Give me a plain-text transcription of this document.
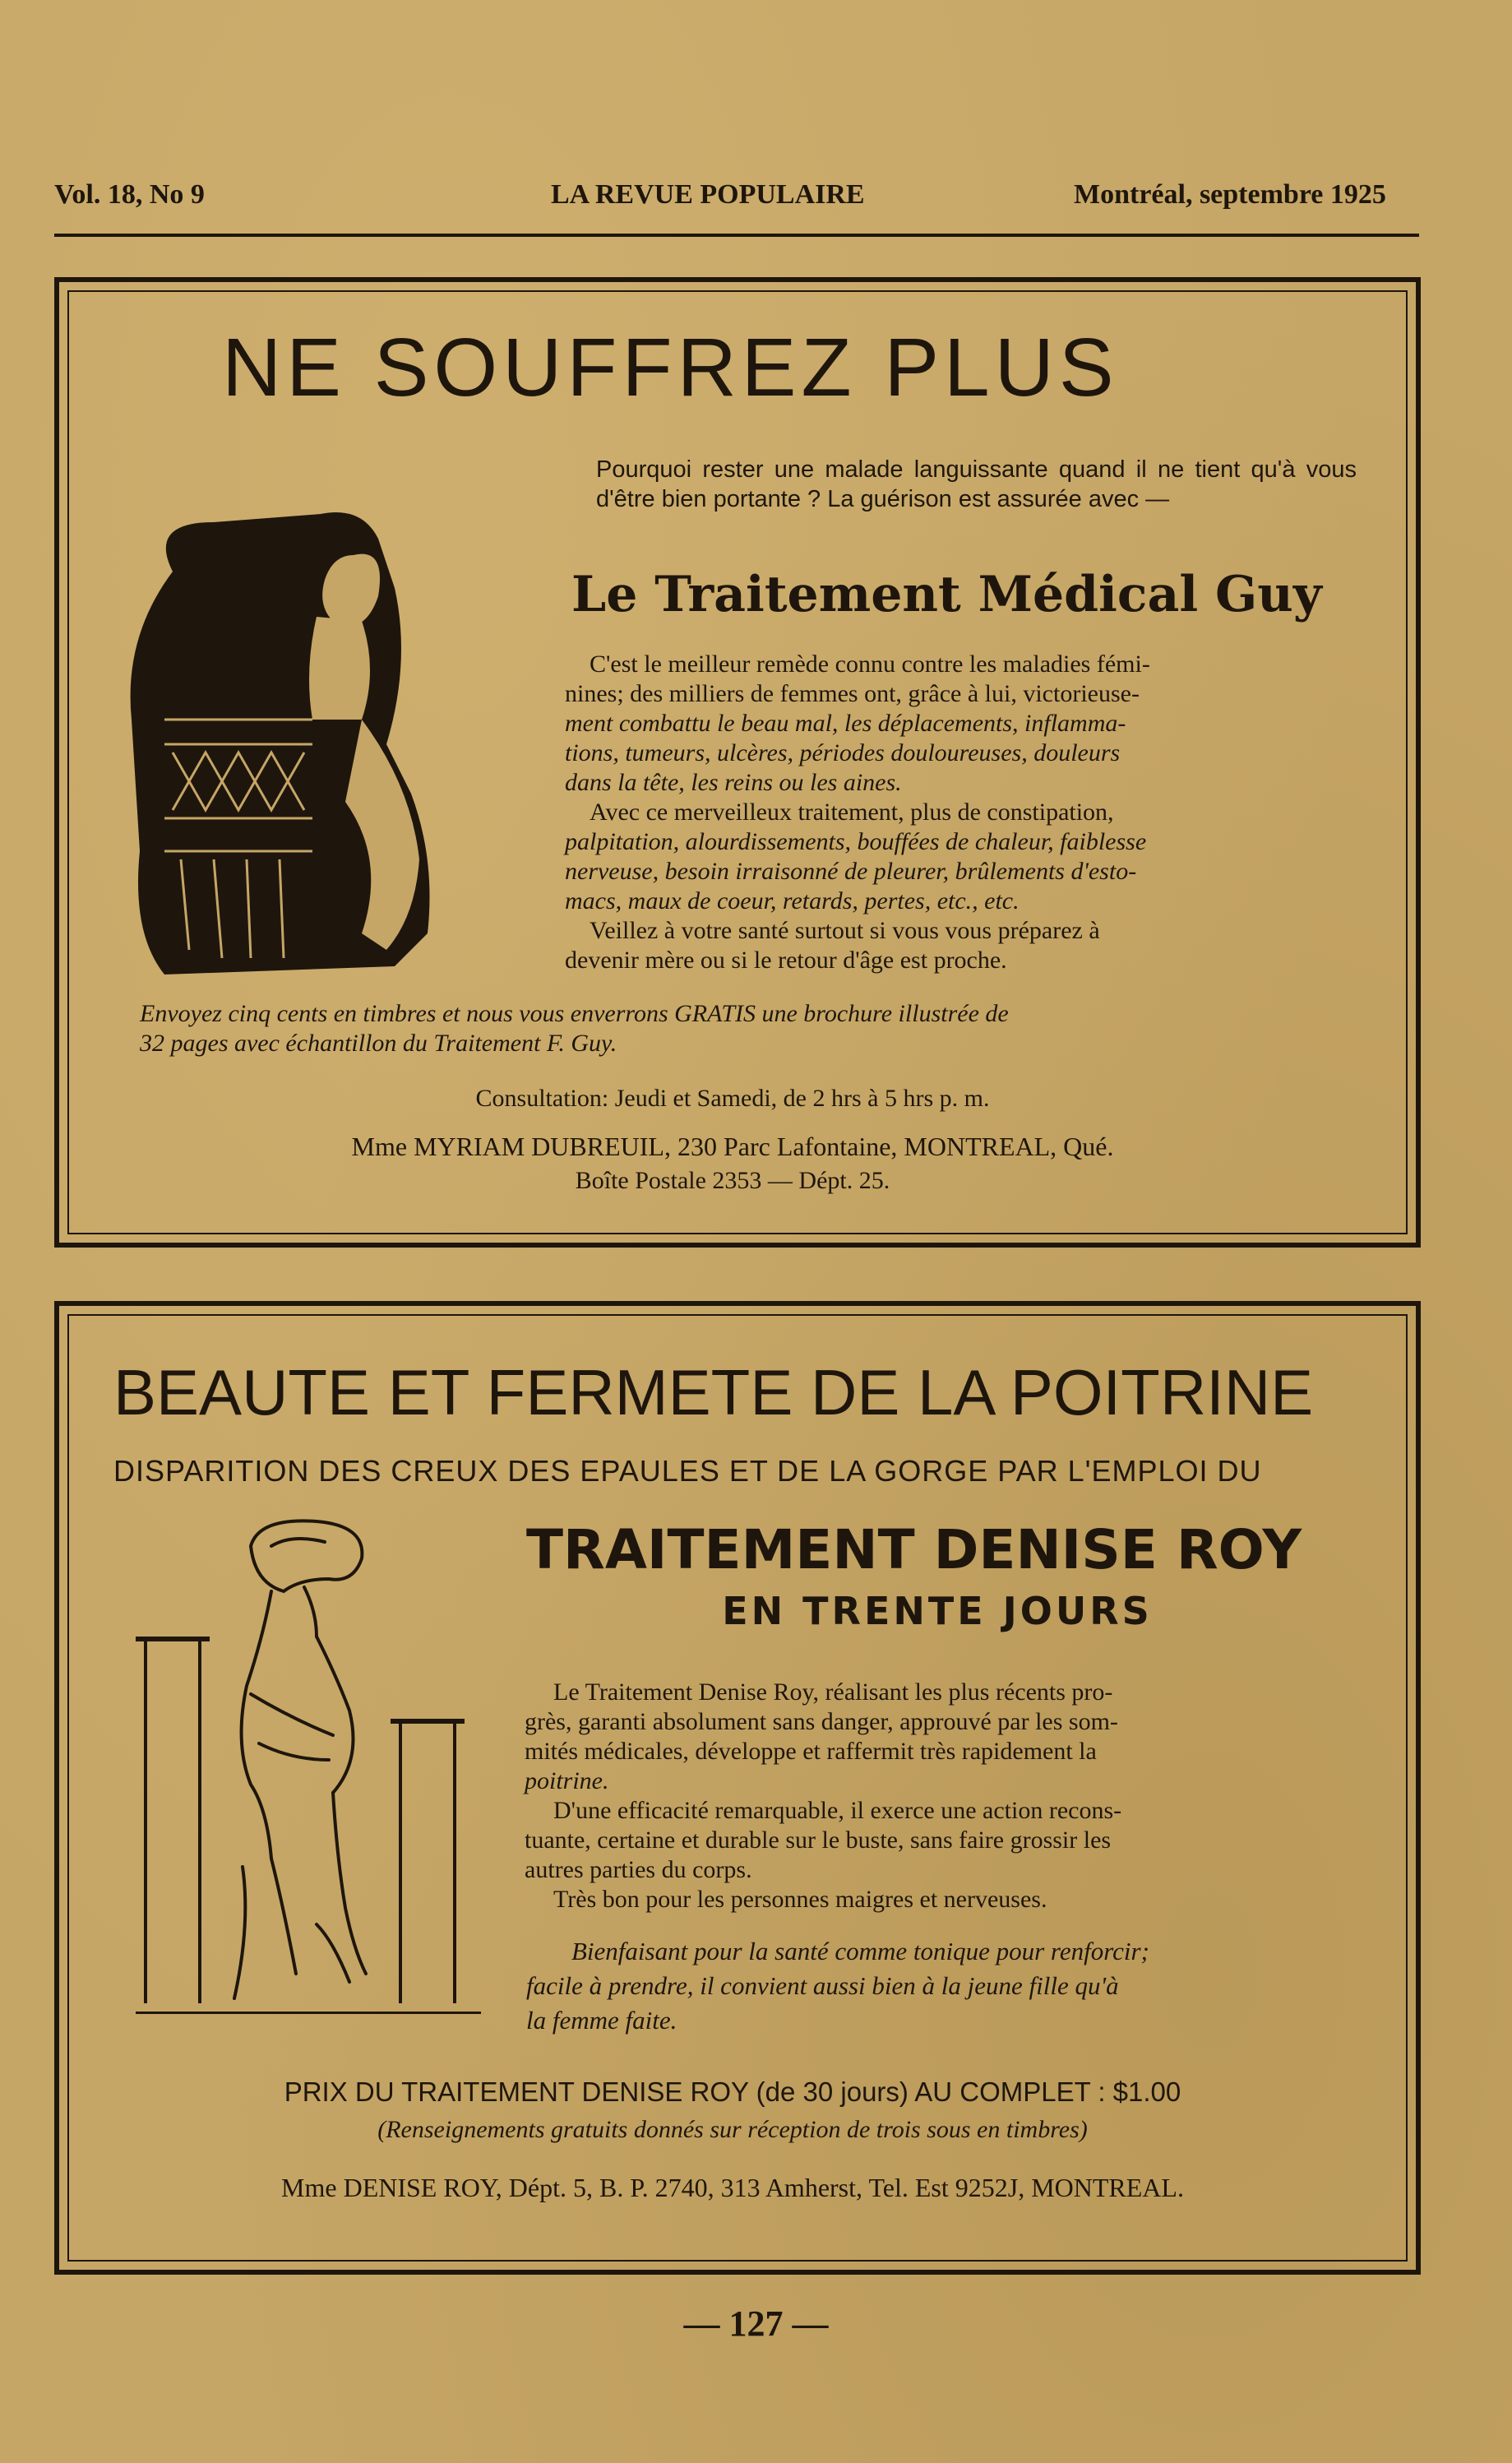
Vol. 18, No 9	LA REVUE POPULAIRE	Montréal, septembre 1925
NE SOUFFREZ PLUS
Pourquoi rester une malade languissante quand il ne tient qu'à vous d'être bien portante ? La guérison est assurée avec —
Le Traitement Médical Guy
C'est le meilleur remède connu contre les maladies fémi-
nines; des milliers de femmes ont, grâce à lui, victorieuse-
ment combattu le beau mal, les déplacements, inflamma-
tions, tumeurs, ulcères, périodes douloureuses, douleurs
dans la tête, les reins ou les aines.
Avec ce merveilleux traitement, plus de constipation,
palpitation, alourdissements, bouffées de chaleur, faiblesse
nerveuse, besoin irraisonné de pleurer, brûlements d'esto-
macs, maux de coeur, retards, pertes, etc., etc.
Veillez à votre santé surtout si vous vous préparez à
devenir mère ou si le retour d'âge est proche.
Envoyez cinq cents en timbres et nous vous enverrons GRATIS une brochure illustrée de
32 pages avec échantillon du Traitement F. Guy.
Consultation: Jeudi et Samedi, de 2 hrs à 5 hrs p. m.
Mme MYRIAM DUBREUIL, 230 Parc Lafontaine, MONTREAL, Qué.
Boîte Postale 2353 — Dépt. 25.
BEAUTE ET FERMETE DE LA POITRINE
DISPARITION DES CREUX DES EPAULES ET DE LA GORGE PAR L'EMPLOI DU
TRAITEMENT DENISE ROY
EN TRENTE JOURS
Le Traitement Denise Roy, réalisant les plus récents pro-
grès, garanti absolument sans danger, approuvé par les som-
mités médicales, développe et raffermit très rapidement la
poitrine.
D'une efficacité remarquable, il exerce une action recons-
tuante, certaine et durable sur le buste, sans faire grossir les
autres parties du corps.
Très bon pour les personnes maigres et nerveuses.
Bienfaisant pour la santé comme tonique pour renforcir;
facile à prendre, il convient aussi bien à la jeune fille qu'à
la femme faite.
PRIX DU TRAITEMENT DENISE ROY (de 30 jours) AU COMPLET : $1.00
(Renseignements gratuits donnés sur réception de trois sous en timbres)
Mme DENISE ROY, Dépt. 5, B. P. 2740, 313 Amherst, Tel. Est 9252J, MONTREAL.
— 127 —
